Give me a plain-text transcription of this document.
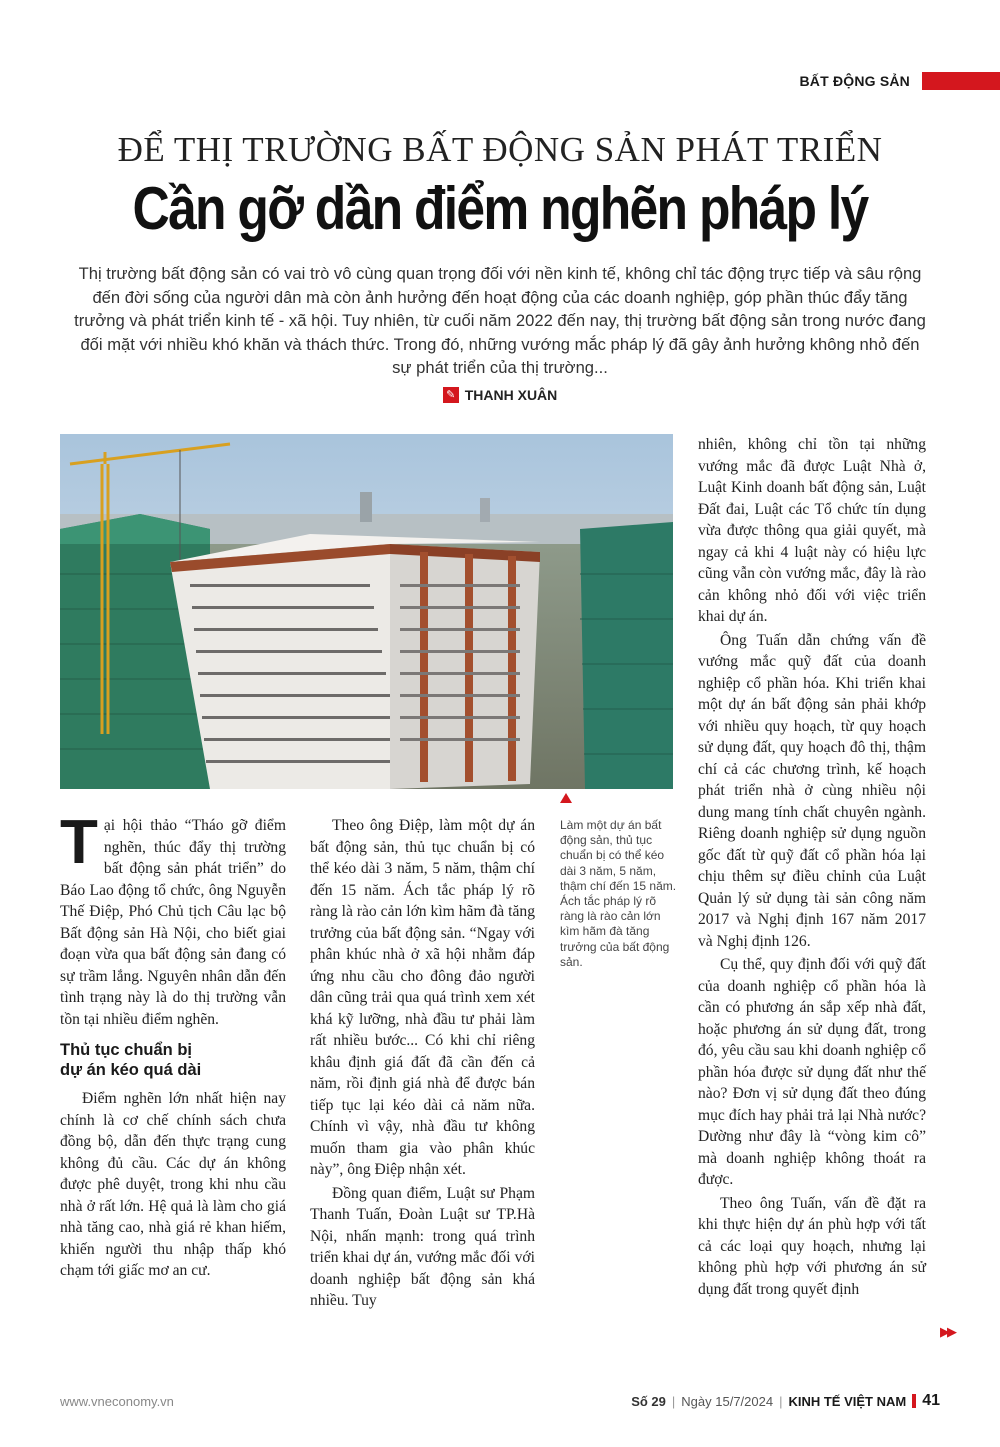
BẤT ĐỘNG SẢN
ĐỂ THỊ TRƯỜNG BẤT ĐỘNG SẢN PHÁT TRIỂN
Cần gỡ dần điểm nghẽn pháp lý
Thị trường bất động sản có vai trò vô cùng quan trọng đối với nền kinh tế, không chỉ tác động trực tiếp và sâu rộng đến đời sống của người dân mà còn ảnh hưởng đến hoạt động của các doanh nghiệp, góp phần thúc đẩy tăng trưởng và phát triển kinh tế - xã hội. Tuy nhiên, từ cuối năm 2022 đến nay, thị trường bất động sản trong nước đang đối mặt với nhiều khó khăn và thách thức. Trong đó, những vướng mắc pháp lý đã gây ảnh hưởng không nhỏ đến sự phát triển của thị trường...
✎ THANH XUÂN
Làm một dự án bất động sản, thủ tục chuẩn bị có thể kéo dài 3 năm, 5 năm, thậm chí đến 15 năm. Ách tắc pháp lý rõ ràng là rào cản lớn kìm hãm đà tăng trưởng của bất động sản.

Tại hội thảo “Tháo gỡ điểm nghẽn, thúc đẩy thị trường bất động sản phát triển” do Báo Lao động tổ chức, ông Nguyễn Thế Điệp, Phó Chủ tịch Câu lạc bộ Bất động sản Hà Nội, cho biết giai đoạn vừa qua bất động sản đang có sự trầm lắng. Nguyên nhân dẫn đến tình trạng này là do thị trường vẫn tồn tại nhiều điểm nghẽn.

Thủ tục chuẩn bị
dự án kéo quá dài

Điểm nghẽn lớn nhất hiện nay chính là cơ chế chính sách chưa đồng bộ, dẫn đến thực trạng cung không đủ cầu. Các dự án không được phê duyệt, trong khi nhu cầu nhà ở rất lớn. Hệ quả là làm cho giá nhà tăng cao, nhà giá rẻ khan hiếm, khiến người thu nhập thấp khó chạm tới giấc mơ an cư.

Theo ông Điệp, làm một dự án bất động sản, thủ tục chuẩn bị có thể kéo dài 3 năm, 5 năm, thậm chí đến 15 năm. Ách tắc pháp lý rõ ràng là rào cản lớn kìm hãm đà tăng trưởng của bất động sản. “Ngay với phân khúc nhà ở xã hội nhằm đáp ứng nhu cầu cho đông đảo người dân cũng trải qua quá trình xem xét khá kỹ lưỡng, nhà đầu tư phải làm rất nhiều bước... Có khi chỉ riêng khâu định giá đất đã cần đến cả năm, rồi định giá nhà để được bán tiếp tục lại kéo dài cả năm nữa. Chính vì vậy, nhà đầu tư không muốn tham gia vào phân khúc này”, ông Điệp nhận xét.

Đồng quan điểm, Luật sư Phạm Thanh Tuấn, Đoàn Luật sư TP.Hà Nội, nhấn mạnh: trong quá trình triển khai dự án, vướng mắc đối với doanh nghiệp bất động sản khá nhiều. Tuy

nhiên, không chỉ tồn tại những vướng mắc đã được Luật Nhà ở, Luật Kinh doanh bất động sản, Luật Đất đai, Luật các Tổ chức tín dụng vừa được thông qua giải quyết, mà ngay cả khi 4 luật này có hiệu lực cũng vẫn còn vướng mắc, đây là rào cản không nhỏ đối với việc triển khai dự án.

Ông Tuấn dẫn chứng vấn đề vướng mắc quỹ đất của doanh nghiệp cổ phần hóa. Khi triển khai một dự án bất động sản phải khớp với nhiều quy hoạch, từ quy hoạch sử dụng đất, quy hoạch đô thị, thậm chí cả các chương trình, kế hoạch phát triển nhà ở cùng nhiều nội dung mang tính chất chuyên ngành. Riêng doanh nghiệp sử dụng nguồn gốc đất từ quỹ đất cổ phần hóa lại chịu thêm sự điều chỉnh của Luật Quản lý sử dụng tài sản công năm 2017 và Nghị định 167 năm 2017 và Nghị định 126.

Cụ thể, quy định đối với quỹ đất của doanh nghiệp cổ phần hóa là cần có phương án sắp xếp nhà đất, hoặc phương án sử dụng đất, trong đó, yêu cầu sau khi doanh nghiệp cổ phần hóa được sử dụng đất như thế nào? Đơn vị sử dụng đất theo đúng mục đích hay phải trả lại Nhà nước? Dường như đây là “vòng kim cô” mà doanh nghiệp không thoát ra được.

Theo ông Tuấn, vấn đề đặt ra khi thực hiện dự án phù hợp với tất cả các loại quy hoạch, nhưng lại không phù hợp với phương án sử dụng đất trong quyết định

▶▶
www.vneconomy.vn	Số 29 | Ngày 15/7/2024 | KINH TẾ VIỆT NAM 41
